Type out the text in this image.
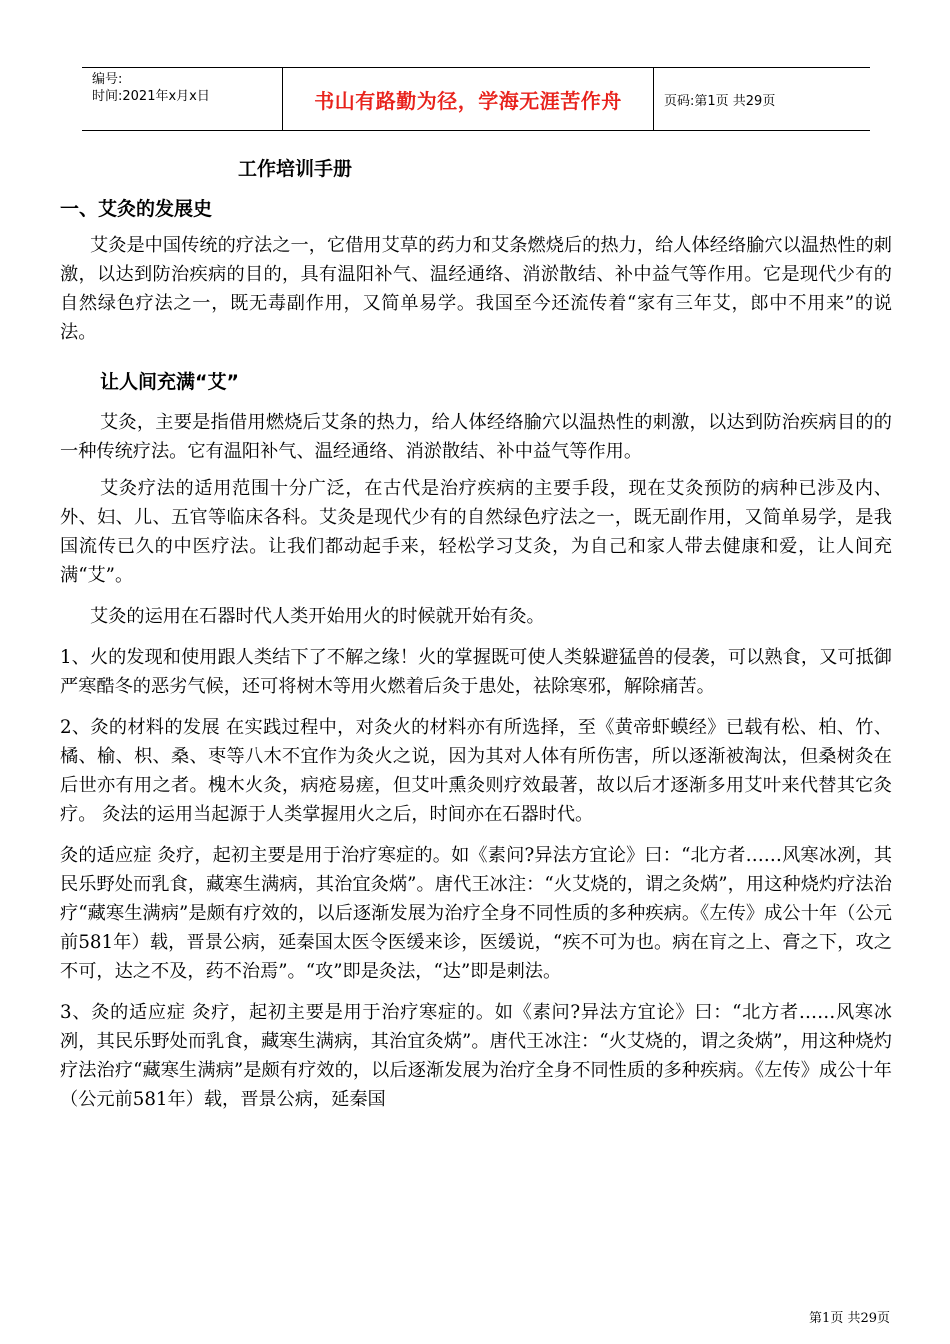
编号:
时间:2021年x月x日	书山有路勤为径，学海无涯苦作舟	页码:第1页 共29页
工作培训手册
一、艾灸的发展史

艾灸是中国传统的疗法之一，它借用艾草的药力和艾条燃烧后的热力，给人体经络腧穴以温热性的刺激，以达到防治疾病的目的，具有温阳补气、温经通络、消淤散结、补中益气等作用。它是现代少有的自然绿色疗法之一，既无毒副作用，又简单易学。我国至今还流传着“家有三年艾，郎中不用来”的说法。

让人间充满“艾”

艾灸，主要是指借用燃烧后艾条的热力，给人体经络腧穴以温热性的刺激，以达到防治疾病目的的一种传统疗法。它有温阳补气、温经通络、消淤散结、补中益气等作用。

艾灸疗法的适用范围十分广泛，在古代是治疗疾病的主要手段，现在艾灸预防的病种已涉及内、外、妇、儿、五官等临床各科。艾灸是现代少有的自然绿色疗法之一，既无副作用，又简单易学，是我国流传已久的中医疗法。让我们都动起手来，轻松学习艾灸，为自己和家人带去健康和爱，让人间充满“艾”。

艾灸的运用在石器时代人类开始用火的时候就开始有灸。

1、火的发现和使用跟人类结下了不解之缘！火的掌握既可使人类躲避猛兽的侵袭，可以熟食，又可抵御严寒酷冬的恶劣气候，还可将树木等用火燃着后灸于患处，祛除寒邪，解除痛苦。

2、灸的材料的发展 在实践过程中，对灸火的材料亦有所选择，至《黄帝虾蟆经》已载有松、柏、竹、橘、榆、枳、桑、枣等八木不宜作为灸火之说，因为其对人体有所伤害，所以逐渐被淘汰，但桑树灸在后世亦有用之者。槐木火灸，病疮易瘥，但艾叶熏灸则疗效最著，故以后才逐渐多用艾叶来代替其它灸疗。 灸法的运用当起源于人类掌握用火之后，时间亦在石器时代。

灸的适应症 灸疗，起初主要是用于治疗寒症的。如《素问?异法方宜论》曰：“北方者……风寒冰冽，其民乐野处而乳食，藏寒生满病，其治宜灸焫”。唐代王冰注：“火艾烧的，谓之灸焫”，用这种烧灼疗法治疗“藏寒生满病”是颇有疗效的，以后逐渐发展为治疗全身不同性质的多种疾病。《左传》成公十年（公元前581年）载，晋景公病，延秦国太医令医缓来诊，医缓说，“疾不可为也。病在肓之上、膏之下，攻之不可，达之不及，药不治焉”。“攻”即是灸法，“达”即是刺法。

3、灸的适应症 灸疗，起初主要是用于治疗寒症的。如《素问?异法方宜论》曰：“北方者……风寒冰冽，其民乐野处而乳食，藏寒生满病，其治宜灸焫”。唐代王冰注：“火艾烧的，谓之灸焫”，用这种烧灼疗法治疗“藏寒生满病”是颇有疗效的，以后逐渐发展为治疗全身不同性质的多种疾病。《左传》成公十年（公元前581年）载，晋景公病，延秦国

第1页 共29页
